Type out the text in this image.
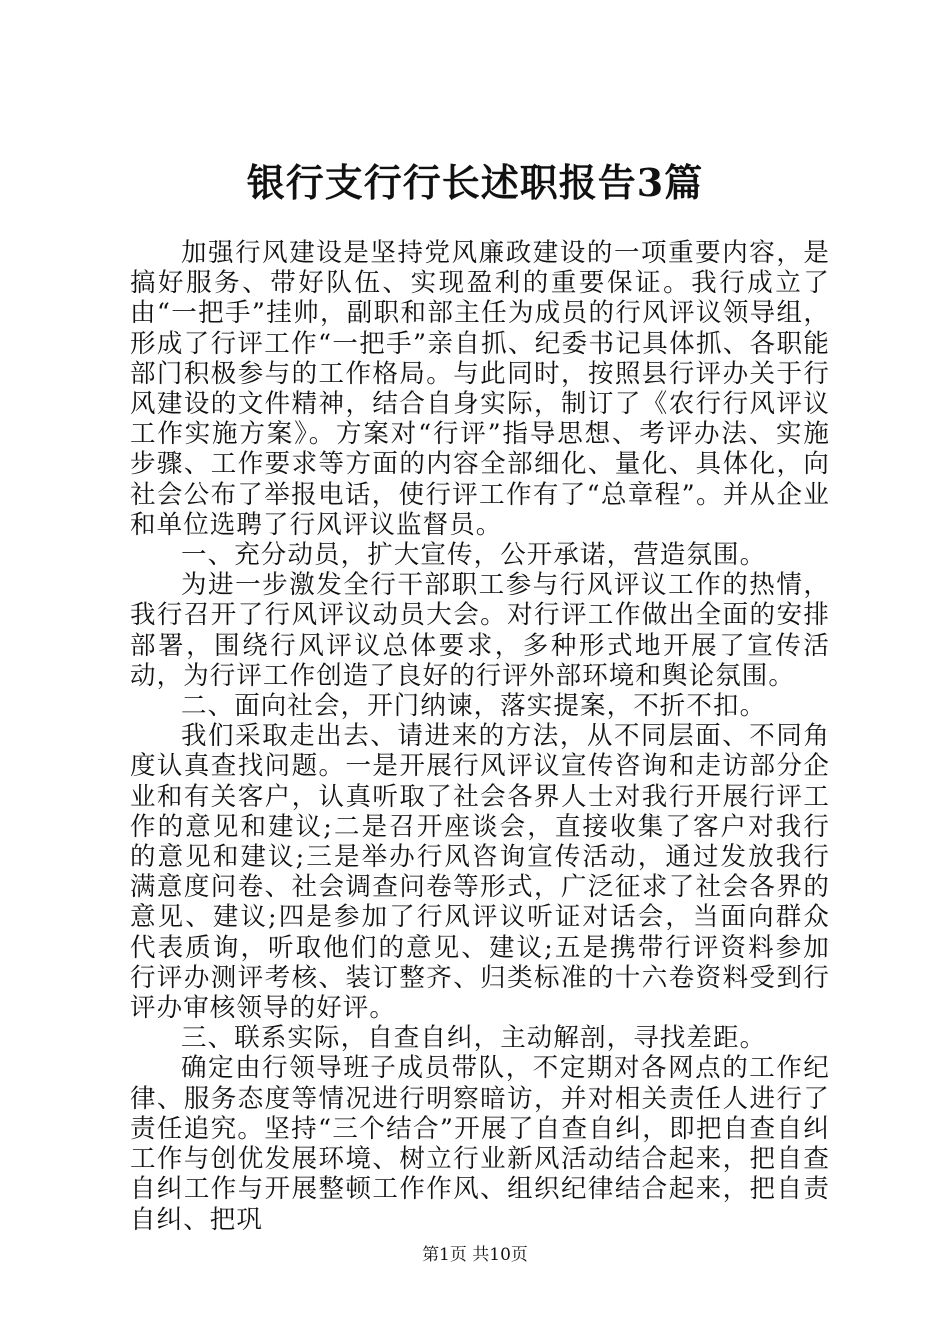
银行支行行长述职报告3篇

加强行风建设是坚持党风廉政建设的一项重要内容，是搞好服务、带好队伍、实现盈利的重要保证。我行成立了由“一把手”挂帅，副职和部主任为成员的行风评议领导组，形成了行评工作“一把手”亲自抓、纪委书记具体抓、各职能部门积极参与的工作格局。与此同时，按照县行评办关于行风建设的文件精神，结合自身实际，制订了《农行行风评议工作实施方案》。方案对“行评”指导思想、考评办法、实施步骤、工作要求等方面的内容全部细化、量化、具体化，向社会公布了举报电话，使行评工作有了“总章程”。并从企业和单位选聘了行风评议监督员。

一、充分动员，扩大宣传，公开承诺，营造氛围。

为进一步激发全行干部职工参与行风评议工作的热情，我行召开了行风评议动员大会。对行评工作做出全面的安排部署，围绕行风评议总体要求，多种形式地开展了宣传活动，为行评工作创造了良好的行评外部环境和舆论氛围。

二、面向社会，开门纳谏，落实提案，不折不扣。

我们采取走出去、请进来的方法，从不同层面、不同角度认真查找问题。一是开展行风评议宣传咨询和走访部分企业和有关客户，认真听取了社会各界人士对我行开展行评工作的意见和建议;二是召开座谈会，直接收集了客户对我行的意见和建议;三是举办行风咨询宣传活动，通过发放我行满意度问卷、社会调查问卷等形式，广泛征求了社会各界的意见、建议;四是参加了行风评议听证对话会，当面向群众代表质询，听取他们的意见、建议;五是携带行评资料参加行评办测评考核、装订整齐、归类标准的十六卷资料受到行评办审核领导的好评。

三、联系实际，自查自纠，主动解剖，寻找差距。

确定由行领导班子成员带队，不定期对各网点的工作纪律、服务态度等情况进行明察暗访，并对相关责任人进行了责任追究。坚持“三个结合”开展了自查自纠，即把自查自纠工作与创优发展环境、树立行业新风活动结合起来，把自查自纠工作与开展整顿工作作风、组织纪律结合起来，把自责自纠、把巩

第1页 共10页
